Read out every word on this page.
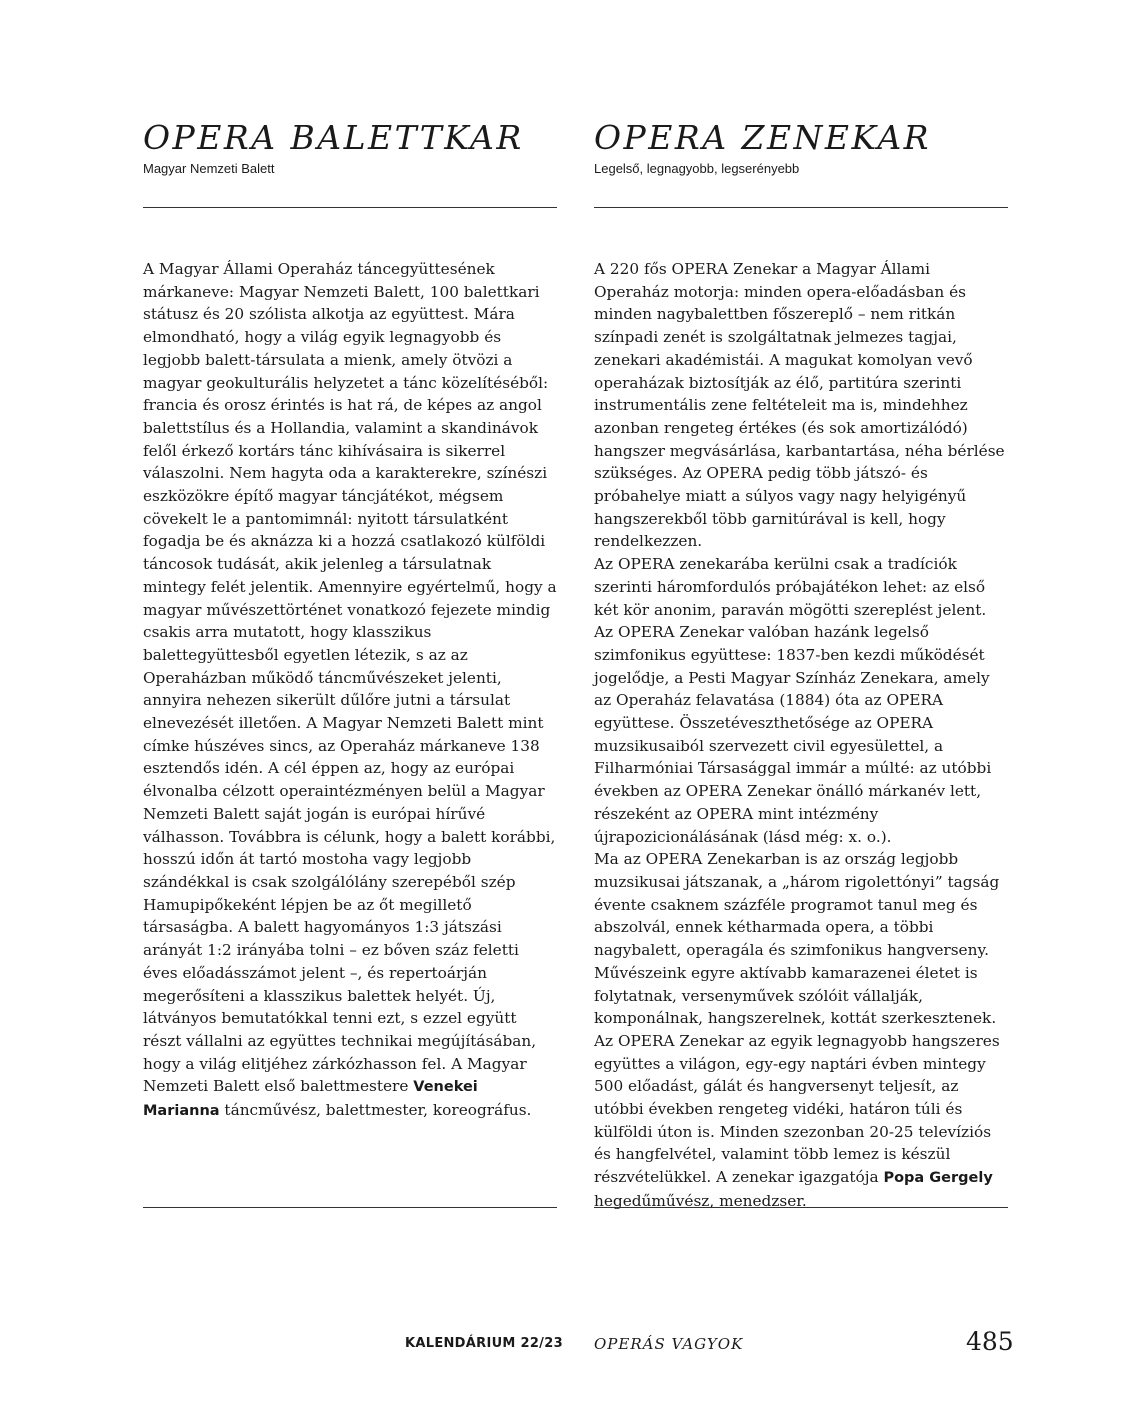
OPERA BALETTKAR
Magyar Nemzeti Balett

A Magyar Állami Operaház táncegyüttesének márkaneve: Magyar Nemzeti Balett, 100 balettkari státusz és 20 szólista alkotja az együttest. Mára elmondható, hogy a világ egyik legnagyobb és legjobb balett-társulata a mienk, amely ötvözi a magyar geokulturális helyzetet a tánc közelítéséből: francia és orosz érintés is hat rá, de képes az angol balettstílus és a Hollandia, valamint a skandinávok felől érkező kortárs tánc kihívásaira is sikerrel válaszolni. Nem hagyta oda a karakterekre, színészi eszközökre építő magyar táncjátékot, mégsem cövekelt le a pantomimnál: nyitott társulatként fogadja be és aknázza ki a hozzá csatlakozó külföldi táncosok tudását, akik jelenleg a társulatnak mintegy felét jelentik. Amennyire egyértelmű, hogy a magyar művészettörténet vonatkozó fejezete mindig csakis arra mutatott, hogy klasszikus balettegyüttesből egyetlen létezik, s az az Operaházban működő táncművészeket jelenti, annyira nehezen sikerült dűlőre jutni a társulat elnevezését illetően. A Magyar Nemzeti Balett mint címke húszéves sincs, az Operaház márkaneve 138 esztendős idén. A cél éppen az, hogy az európai élvonalba célzott operaintézményen belül a Magyar Nemzeti Balett saját jogán is európai hírűvé válhasson. Továbbra is célunk, hogy a balett korábbi, hosszú időn át tartó mostoha vagy legjobb szándékkal is csak szolgálólány szerepéből szép Hamupipőkeként lépjen be az őt megillető társaságba. A balett hagyományos 1:3 játszási arányát 1:2 irányába tolni – ez bőven száz feletti éves előadásszámot jelent –, és repertoárján megerősíteni a klasszikus balettek helyét. Új, látványos bemutatókkal tenni ezt, s ezzel együtt részt vállalni az együttes technikai megújításában, hogy a világ elitjéhez zárkózhasson fel. A Magyar Nemzeti Balett első balettmestere Venekei Marianna táncművész, balettmester, koreográfus.

OPERA ZENEKAR
Legelső, legnagyobb, legserényebb

A 220 fős OPERA Zenekar a Magyar Állami Operaház motorja: minden opera-előadásban és minden nagybalettben főszereplő – nem ritkán színpadi zenét is szolgáltatnak jelmezes tagjai, zenekari akadémistái. A magukat komolyan vevő operaházak biztosítják az élő, partitúra szerinti instrumentális zene feltételeit ma is, mindehhez azonban rengeteg értékes (és sok amortizálódó) hangszer megvásárlása, karbantartása, néha bérlése szükséges. Az OPERA pedig több játszó- és próbahelye miatt a súlyos vagy nagy helyigényű hangszerekből több garnitúrával is kell, hogy rendelkezzen.

Az OPERA zenekarába kerülni csak a tradíciók szerinti háromfordulós próbajátékon lehet: az első két kör anonim, paraván mögötti szereplést jelent.

Az OPERA Zenekar valóban hazánk legelső szimfonikus együttese: 1837-ben kezdi működését jogelődje, a Pesti Magyar Színház Zenekara, amely az Operaház felavatása (1884) óta az OPERA együttese. Összetéveszthetősége az OPERA muzsikusaiból szervezett civil egyesülettel, a Filharmóniai Társasággal immár a múlté: az utóbbi években az OPERA Zenekar önálló márkanév lett, részeként az OPERA mint intézmény újrapozicionálásának (lásd még: x. o.).

Ma az OPERA Zenekarban is az ország legjobb muzsikusai játszanak, a „három rigolettónyi” tagság évente csaknem százféle programot tanul meg és abszolvál, ennek kétharmada opera, a többi nagybalett, operagála és szimfonikus hangverseny. Művészeink egyre aktívabb kamarazenei életet is folytatnak, versenyművek szólóit vállalják, komponálnak, hangszerelnek, kottát szerkesztenek. Az OPERA Zenekar az egyik legnagyobb hangszeres együttes a világon, egy-egy naptári évben mintegy 500 előadást, gálát és hangversenyt teljesít, az utóbbi években rengeteg vidéki, határon túli és külföldi úton is. Minden szezonban 20-25 televíziós és hangfelvétel, valamint több lemez is készül részvételükkel. A zenekar igazgatója Popa Gergely hegedűművész, menedzser.

KALENDÁRIUM 22/23 OPERÁS VAGYOK	485
